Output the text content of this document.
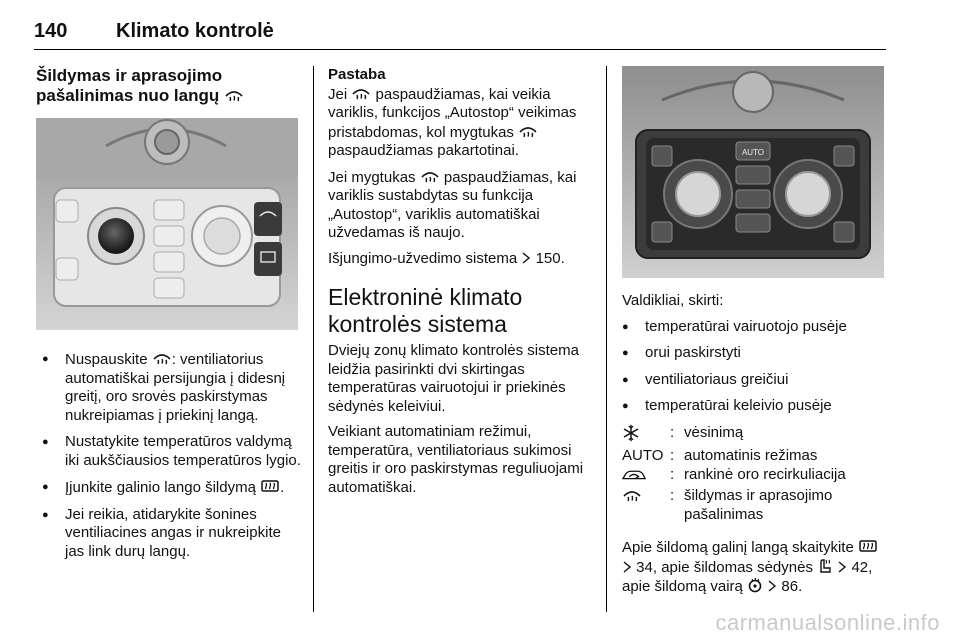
140 Klimato kontrolė
Šildymas ir aprasojimo pašalinimas nuo langų
● Nuspauskite : ventiliatorius automatiškai persijungia į didesnį greitį, oro srovės paskirstymas nukreipiamas į priekinį langą.
● Nustatykite temperatūros valdymą iki aukščiausios temperatūros lygio.
● Įjunkite galinio lango šildymą .
● Jei reikia, atidarykite šonines ventiliacines angas ir nukreipkite jas link durų langų.

Pastaba

Jei  paspaudžiamas, kai veikia variklis, funkcijos „Autostop“ veikimas pristabdomas, kol mygtukas  paspaudžiamas pakartotinai.

Jei mygtukas  paspaudžiamas, kai variklis sustabdytas su funkcija „Autostop“, variklis automatiškai užvedamas iš naujo.

Išjungimo-užvedimo sistema  150.

Elektroninė klimato kontrolės sistema

Dviejų zonų klimato kontrolės sistema leidžia pasirinkti dvi skirtingas temperatūras vairuotojui ir priekinės sėdynės keleiviui.

Veikiant automatiniam režimui, temperatūra, ventiliatoriaus sukimosi greitis ir oro paskirstymas reguliuojami automatiškai.

AUTO

Valdikliai, skirti:

● temperatūrai vairuotojo pusėje
● orui paskirstyti
● ventiliatoriaus greičiui
● temperatūrai keleivio pusėje
	:	vėsinimą
AUTO	:	automatinis režimas
	:	rankinė oro recirkuliacija
	:	šildymas ir aprasojimo pašalinimas

Apie šildomą galinį langą skaitykite   34, apie šildomas sėdynės   42, apie šildomą vairą   86.

carmanualsonline.info
